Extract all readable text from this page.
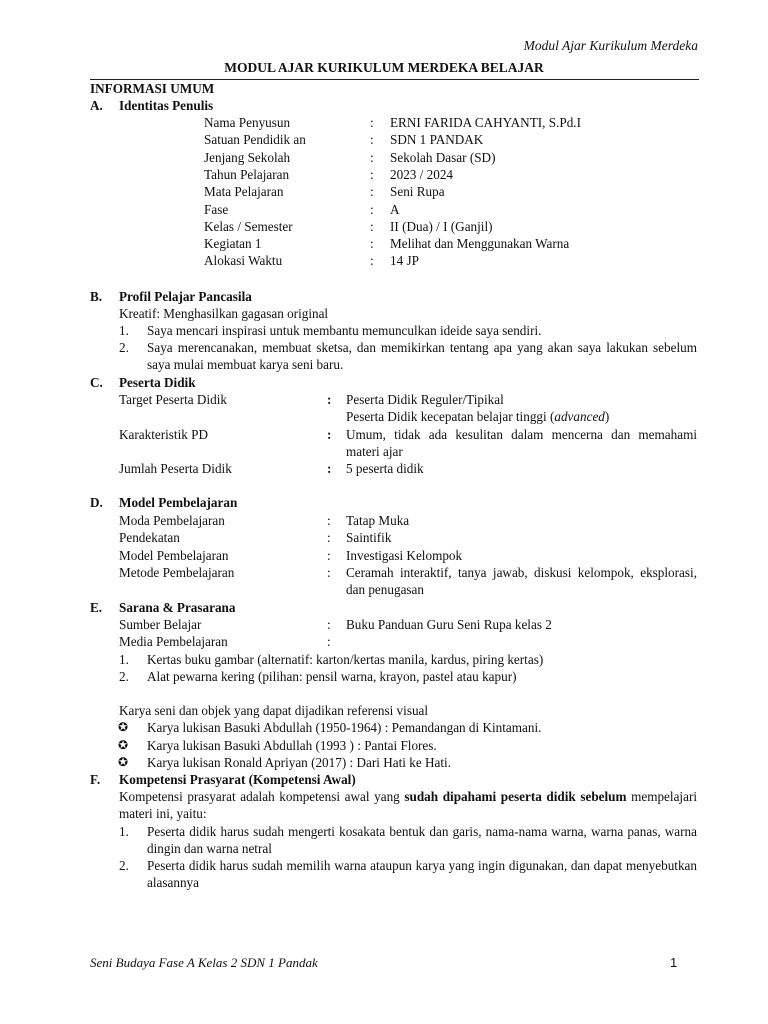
Modul Ajar Kurikulum Merdeka
MODUL AJAR KURIKULUM MERDEKA BELAJAR
INFORMASI UMUM
A. Identitas Penulis
Nama Penyusun	: ERNI FARIDA CAHYANTI, S.Pd.I
Satuan Pendidik an	: SDN 1 PANDAK
Jenjang Sekolah	: Sekolah Dasar (SD)
Tahun Pelajaran	: 2023 / 2024
Mata Pelajaran	: Seni Rupa
Fase	: A
Kelas / Semester	: II (Dua) / I (Ganjil)
Kegiatan 1	: Melihat dan Menggunakan Warna
Alokasi Waktu	: 14 JP
B. Profil Pelajar Pancasila
Kreatif: Menghasilkan gagasan original
1. Saya mencari inspirasi untuk membantu memunculkan ideide saya sendiri.
2. Saya merencanakan, membuat sketsa, dan memikirkan tentang apa yang akan saya lakukan sebelum saya mulai membuat karya seni baru.
C. Peserta Didik
Target Peserta Didik	: Peserta Didik Reguler/Tipikal
Peserta Didik kecepatan belajar tinggi (advanced)
Karakteristik PD	: Umum, tidak ada kesulitan dalam mencerna dan memahami materi ajar
Jumlah Peserta Didik	: 5 peserta didik
D. Model Pembelajaran
Moda Pembelajaran	: Tatap Muka
Pendekatan	: Saintifik
Model Pembelajaran	: Investigasi Kelompok
Metode Pembelajaran	: Ceramah interaktif, tanya jawab, diskusi kelompok, eksplorasi, dan penugasan
E. Sarana & Prasarana
Sumber Belajar	: Buku Panduan Guru Seni Rupa kelas 2
Media Pembelajaran	:
1. Kertas buku gambar (alternatif: karton/kertas manila, kardus, piring kertas)
2. Alat pewarna kering (pilihan: pensil warna, krayon, pastel atau kapur)
Karya seni dan objek yang dapat dijadikan referensi visual
✪ Karya lukisan Basuki Abdullah (1950-1964) : Pemandangan di Kintamani.
✪ Karya lukisan Basuki Abdullah (1993 ) : Pantai Flores.
✪ Karya lukisan Ronald Apriyan (2017) : Dari Hati ke Hati.
F. Kompetensi Prasyarat (Kompetensi Awal)
Kompetensi prasyarat adalah kompetensi awal yang sudah dipahami peserta didik sebelum mempelajari materi ini, yaitu:
1. Peserta didik harus sudah mengerti kosakata bentuk dan garis, nama-nama warna, warna panas, warna dingin dan warna netral
2. Peserta didik harus sudah memilih warna ataupun karya yang ingin digunakan, dan dapat menyebutkan alasannya
Seni Budaya Fase A Kelas 2 SDN 1 Pandak	1
